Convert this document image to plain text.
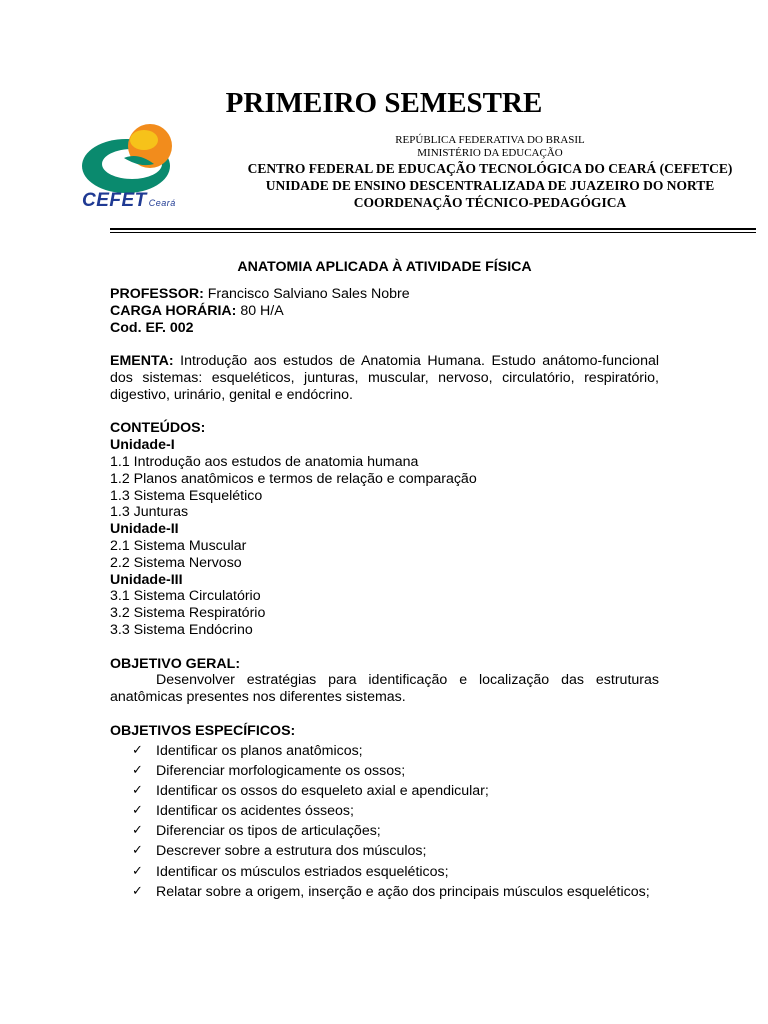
PRIMEIRO SEMESTRE
CEFET Ceará
REPÚBLICA FEDERATIVA DO BRASIL
MINISTÉRIO DA EDUCAÇÃO
CENTRO FEDERAL DE EDUCAÇÃO TECNOLÓGICA DO CEARÁ (CEFETCE)
UNIDADE DE ENSINO DESCENTRALIZADA DE JUAZEIRO DO NORTE
COORDENAÇÃO TÉCNICO-PEDAGÓGICA
ANATOMIA APLICADA À ATIVIDADE FÍSICA
PROFESSOR: Francisco Salviano Sales Nobre
CARGA HORÁRIA: 80 H/A
Cod. EF. 002
EMENTA: Introdução aos estudos de Anatomia Humana. Estudo anátomo-funcional dos sistemas: esqueléticos, junturas, muscular, nervoso, circulatório, respiratório, digestivo, urinário, genital e endócrino.
CONTEÚDOS:
Unidade-I
1.1 Introdução aos estudos de anatomia humana
1.2 Planos anatômicos e termos de relação e comparação
1.3 Sistema Esquelético
1.3 Junturas
Unidade-II
2.1 Sistema Muscular
2.2 Sistema Nervoso
Unidade-III
3.1 Sistema Circulatório
3.2 Sistema Respiratório
3.3 Sistema Endócrino
OBJETIVO GERAL:
Desenvolver estratégias para identificação e localização das estruturas anatômicas presentes nos diferentes sistemas.
OBJETIVOS ESPECÍFICOS:
✓ Identificar os planos anatômicos;
✓ Diferenciar morfologicamente os ossos;
✓ Identificar os ossos do esqueleto axial e apendicular;
✓ Identificar os acidentes ósseos;
✓ Diferenciar os tipos de articulações;
✓ Descrever sobre a estrutura dos músculos;
✓ Identificar os músculos estriados esqueléticos;
✓ Relatar sobre a origem, inserção e ação dos principais músculos esqueléticos;
